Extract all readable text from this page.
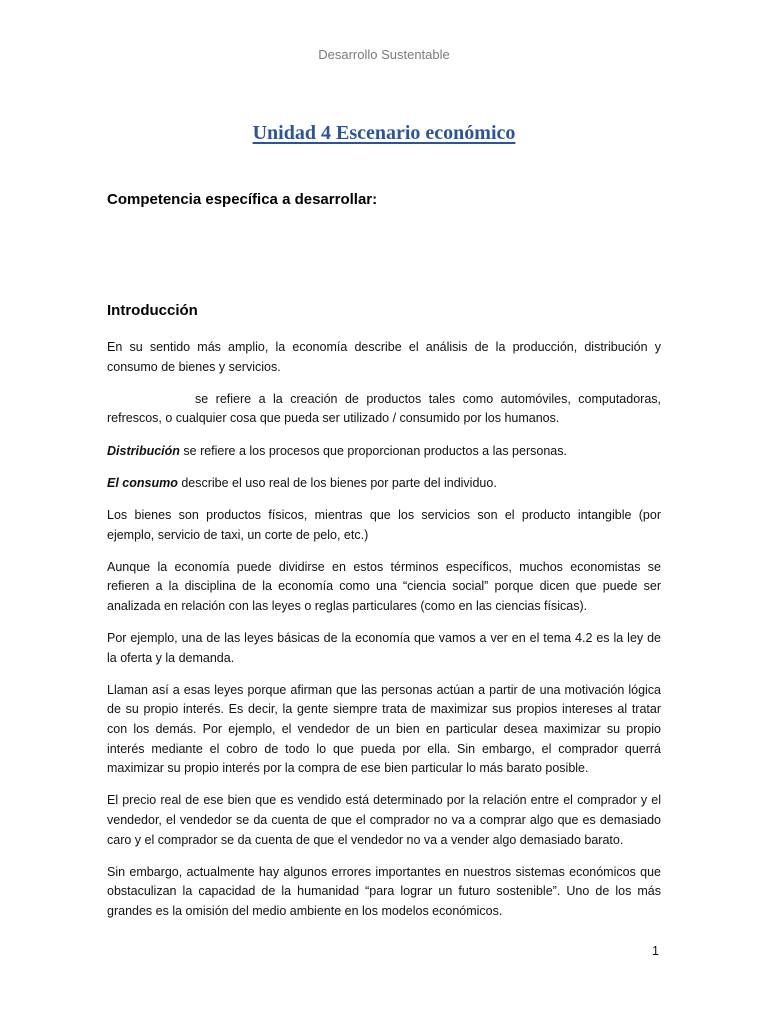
Desarrollo Sustentable
Unidad 4 Escenario económico
Competencia específica a desarrollar:
Introducción

En su sentido más amplio, la economía describe el análisis de la producción, distribución y consumo de bienes y servicios.

se refiere a la creación de productos tales como automóviles, computadoras, refrescos, o cualquier cosa que pueda ser utilizado / consumido por los humanos.

Distribución se refiere a los procesos que proporcionan productos a las personas.

El consumo describe el uso real de los bienes por parte del individuo.

Los bienes son productos físicos, mientras que los servicios son el producto intangible (por ejemplo, servicio de taxi, un corte de pelo, etc.)

Aunque la economía puede dividirse en estos términos específicos, muchos economistas se refieren a la disciplina de la economía como una “ciencia social” porque dicen que puede ser analizada en relación con las leyes o reglas particulares (como en las ciencias físicas).

Por ejemplo, una de las leyes básicas de la economía que vamos a ver en el tema 4.2 es la ley de la oferta y la demanda.

Llaman así a esas leyes porque afirman que las personas actúan a partir de una motivación lógica de su propio interés. Es decir, la gente siempre trata de maximizar sus propios intereses al tratar con los demás. Por ejemplo, el vendedor de un bien en particular desea maximizar su propio interés mediante el cobro de todo lo que pueda por ella. Sin embargo, el comprador querrá maximizar su propio interés por la compra de ese bien particular lo más barato posible.

El precio real de ese bien que es vendido está determinado por la relación entre el comprador y el vendedor, el vendedor se da cuenta de que el comprador no va a comprar algo que es demasiado caro y el comprador se da cuenta de que el vendedor no va a vender algo demasiado barato.

Sin embargo, actualmente hay algunos errores importantes en nuestros sistemas económicos que obstaculizan la capacidad de la humanidad “para lograr un futuro sostenible”. Uno de los más grandes es la omisión del medio ambiente en los modelos económicos.

1
